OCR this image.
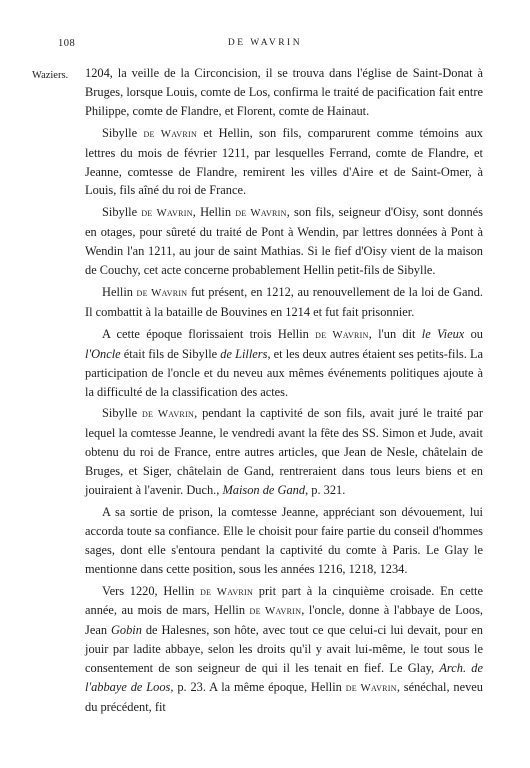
108	DE WAVRIN
Waziers. 1204, la veille de la Circoncision, il se trouva dans l'église de Saint-Donat à Bruges, lorsque Louis, comte de Los, confirma le traité de pacification fait entre Philippe, comte de Flandre, et Florent, comte de Hainaut.

Sibylle de Wavrin et Hellin, son fils, comparurent comme témoins aux lettres du mois de février 1211, par lesquelles Ferrand, comte de Flandre, et Jeanne, comtesse de Flandre, remirent les villes d'Aire et de Saint-Omer, à Louis, fils aîné du roi de France.

Sibylle de Wavrin, Hellin de Wavrin, son fils, seigneur d'Oisy, sont donnés en otages, pour sûreté du traité de Pont à Wendin, par lettres données à Pont à Wendin l'an 1211, au jour de saint Mathias. Si le fief d'Oisy vient de la maison de Couchy, cet acte concerne probablement Hellin petit-fils de Sibylle.

Hellin de Wavrin fut présent, en 1212, au renouvellement de la loi de Gand. Il combattit à la bataille de Bouvines en 1214 et fut fait prisonnier.

A cette époque florissaient trois Hellin de Wavrin, l'un dit le Vieux ou l'Oncle était fils de Sibylle de Lillers, et les deux autres étaient ses petits-fils. La participation de l'oncle et du neveu aux mêmes événements politiques ajoute à la difficulté de la classification des actes.

Sibylle de Wavrin, pendant la captivité de son fils, avait juré le traité par lequel la comtesse Jeanne, le vendredi avant la fête des SS. Simon et Jude, avait obtenu du roi de France, entre autres articles, que Jean de Nesle, châtelain de Bruges, et Siger, châtelain de Gand, rentreraient dans tous leurs biens et en jouiraient à l'avenir. Duch., Maison de Gand, p. 321.

A sa sortie de prison, la comtesse Jeanne, appréciant son dévouement, lui accorda toute sa confiance. Elle le choisit pour faire partie du conseil d'hommes sages, dont elle s'entoura pendant la captivité du comte à Paris. Le Glay le mentionne dans cette position, sous les années 1216, 1218, 1234.

Vers 1220, Hellin de Wavrin prit part à la cinquième croisade. En cette année, au mois de mars, Hellin de Wavrin, l'oncle, donne à l'abbaye de Loos, Jean Gobin de Halesnes, son hôte, avec tout ce que celui-ci lui devait, pour en jouir par ladite abbaye, selon les droits qu'il y avait lui-même, le tout sous le consentement de son seigneur de qui il les tenait en fief. Le Glay, Arch. de l'abbaye de Loos, p. 23. A la même époque, Hellin de Wavrin, sénéchal, neveu du précédent, fit
